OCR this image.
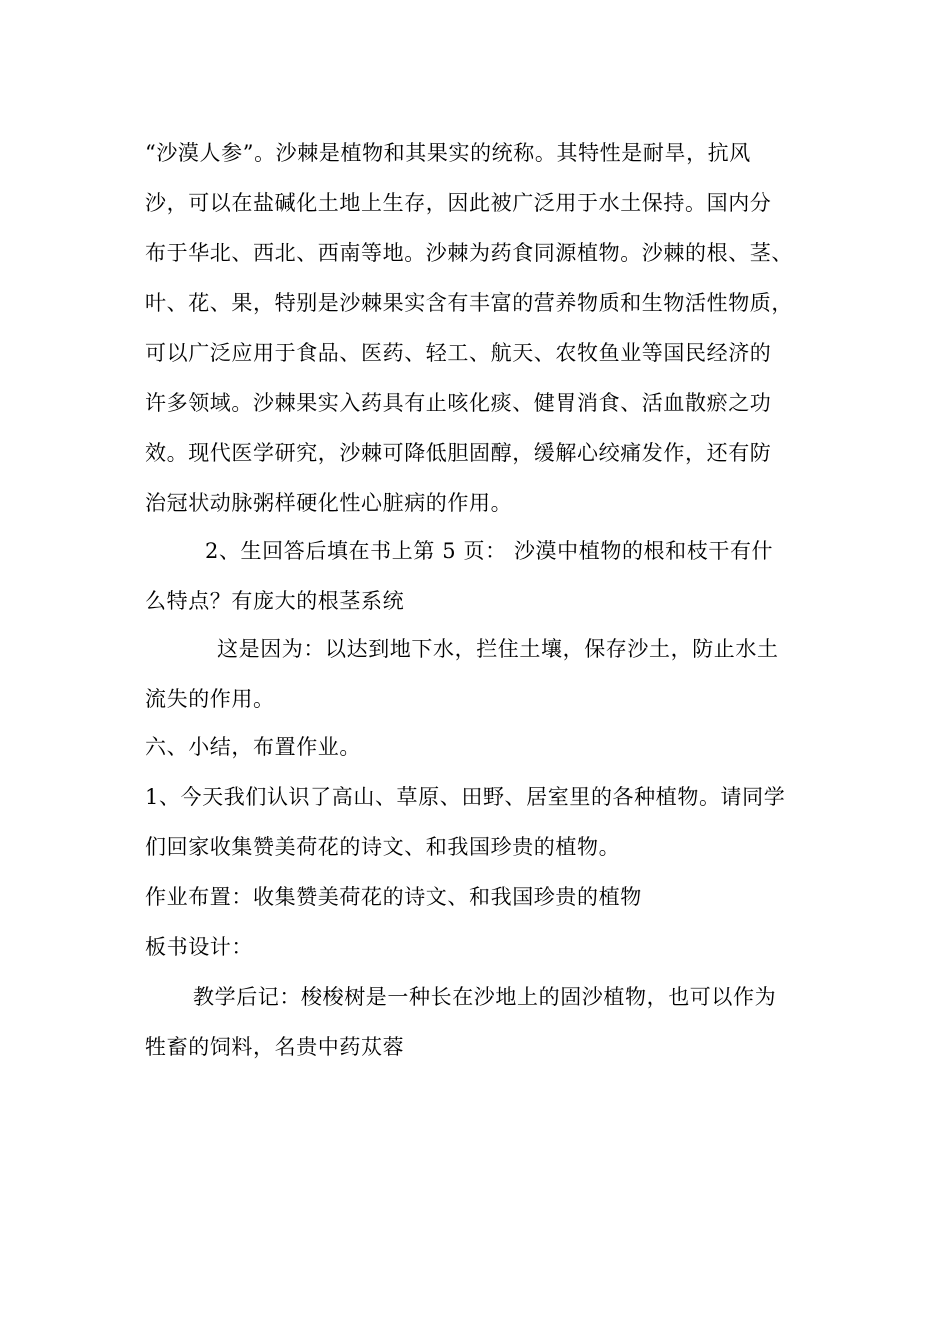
“沙漠人参”。沙棘是植物和其果实的统称。其特性是耐旱，抗风
沙，可以在盐碱化土地上生存，因此被广泛用于水土保持。国内分
布于华北、西北、西南等地。沙棘为药食同源植物。沙棘的根、茎、
叶、花、果，特别是沙棘果实含有丰富的营养物质和生物活性物质，
可以广泛应用于食品、医药、轻工、航天、农牧鱼业等国民经济的
许多领域。沙棘果实入药具有止咳化痰、健胃消食、活血散瘀之功
效。现代医学研究，沙棘可降低胆固醇，缓解心绞痛发作，还有防
治冠状动脉粥样硬化性心脏病的作用。
2、生回答后填在书上第 5 页： 沙漠中植物的根和枝干有什
么特点？有庞大的根茎系统
这是因为：以达到地下水，拦住土壤，保存沙土，防止水土
流失的作用。
六、小结，布置作业。
1、今天我们认识了高山、草原、田野、居室里的各种植物。请同学
们回家收集赞美荷花的诗文、和我国珍贵的植物。
作业布置：收集赞美荷花的诗文、和我国珍贵的植物
板书设计：
教学后记：梭梭树是一种长在沙地上的固沙植物，也可以作为
牲畜的饲料，名贵中药苁蓉
